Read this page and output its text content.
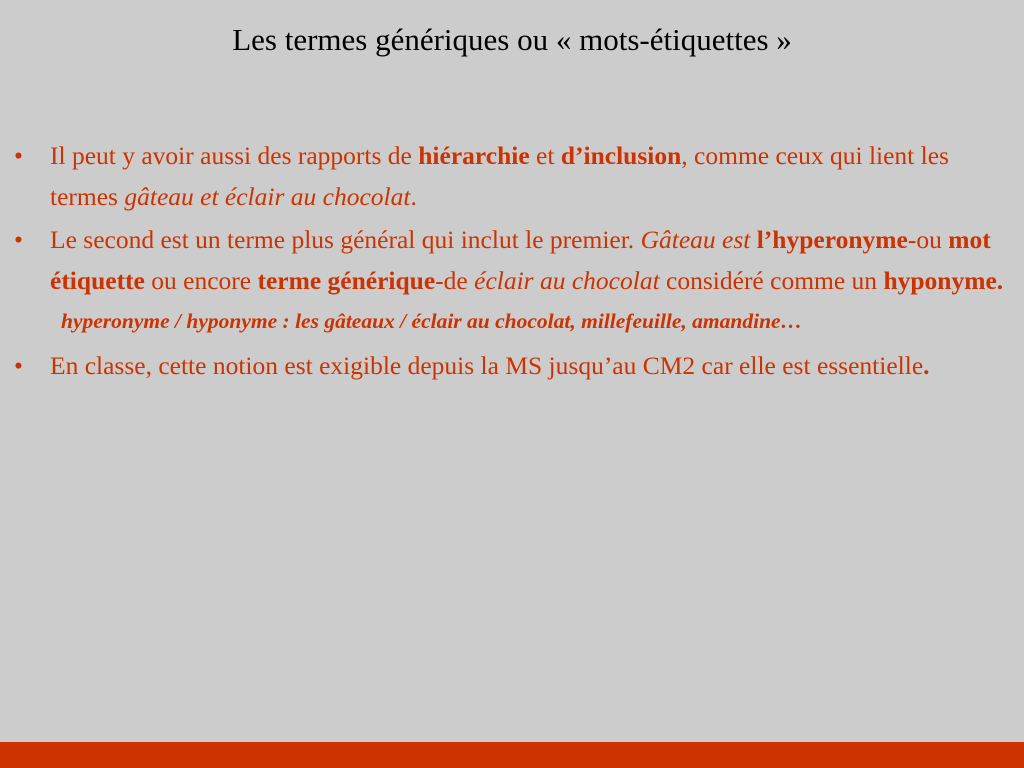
Les termes génériques ou « mots-étiquettes »
•	Il peut y avoir aussi des rapports de hiérarchie et d’inclusion, comme ceux qui lient les termes gâteau et éclair au chocolat.
•	Le second est un terme plus général qui inclut le premier. Gâteau est l’hyperonyme-ou mot étiquette ou encore terme générique-de éclair au chocolat considéré comme un hyponyme.
hyperonyme / hyponyme : les gâteaux / éclair au chocolat, millefeuille, amandine…
•	En classe, cette notion est exigible depuis la MS jusqu’au CM2 car elle est essentielle.
